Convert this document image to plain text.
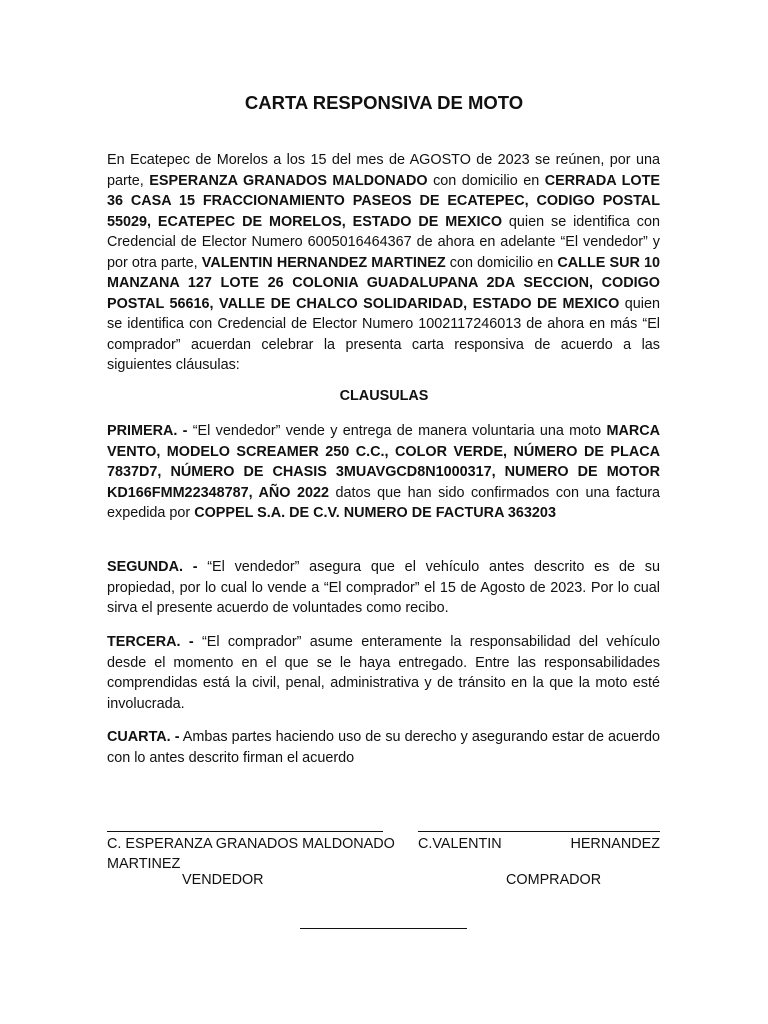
CARTA RESPONSIVA DE MOTO

En Ecatepec de Morelos a los 15 del mes de AGOSTO de 2023 se reúnen, por una parte, ESPERANZA GRANADOS MALDONADO con domicilio en CERRADA LOTE 36 CASA 15 FRACCIONAMIENTO PASEOS DE ECATEPEC, CODIGO POSTAL 55029, ECATEPEC DE MORELOS, ESTADO DE MEXICO quien se identifica con Credencial de Elector Numero 6005016464367 de ahora en adelante “El vendedor” y por otra parte, VALENTIN HERNANDEZ MARTINEZ con domicilio en CALLE SUR 10 MANZANA 127 LOTE 26 COLONIA GUADALUPANA 2DA SECCION, CODIGO POSTAL 56616, VALLE DE CHALCO SOLIDARIDAD, ESTADO DE MEXICO quien se identifica con Credencial de Elector Numero 1002117246013 de ahora en más “El comprador” acuerdan celebrar la presenta carta responsiva de acuerdo a las siguientes cláusulas:

CLAUSULAS

PRIMERA. - “El vendedor” vende y entrega de manera voluntaria una moto MARCA VENTO, MODELO SCREAMER 250 C.C., COLOR VERDE, NÚMERO DE PLACA 7837D7, NÚMERO DE CHASIS 3MUAVGCD8N1000317, NUMERO DE MOTOR KD166FMM22348787, AÑO 2022 datos que han sido confirmados con una factura expedida por COPPEL S.A. DE C.V. NUMERO DE FACTURA 363203

SEGUNDA. - “El vendedor” asegura que el vehículo antes descrito es de su propiedad, por lo cual lo vende a “El comprador” el 15 de Agosto de 2023. Por lo cual sirva el presente acuerdo de voluntades como recibo.

TERCERA. - “El comprador” asume enteramente la responsabilidad del vehículo desde el momento en el que se le haya entregado. Entre las responsabilidades comprendidas está la civil, penal, administrativa y de tránsito en la que la moto esté involucrada.

CUARTA. - Ambas partes haciendo uso de su derecho y asegurando estar de acuerdo con lo antes descrito firman el acuerdo

C. ESPERANZA GRANADOS MALDONADO MARTINEZ

C.VALENTIN HERNANDEZ

VENDEDOR	COMPRADOR
